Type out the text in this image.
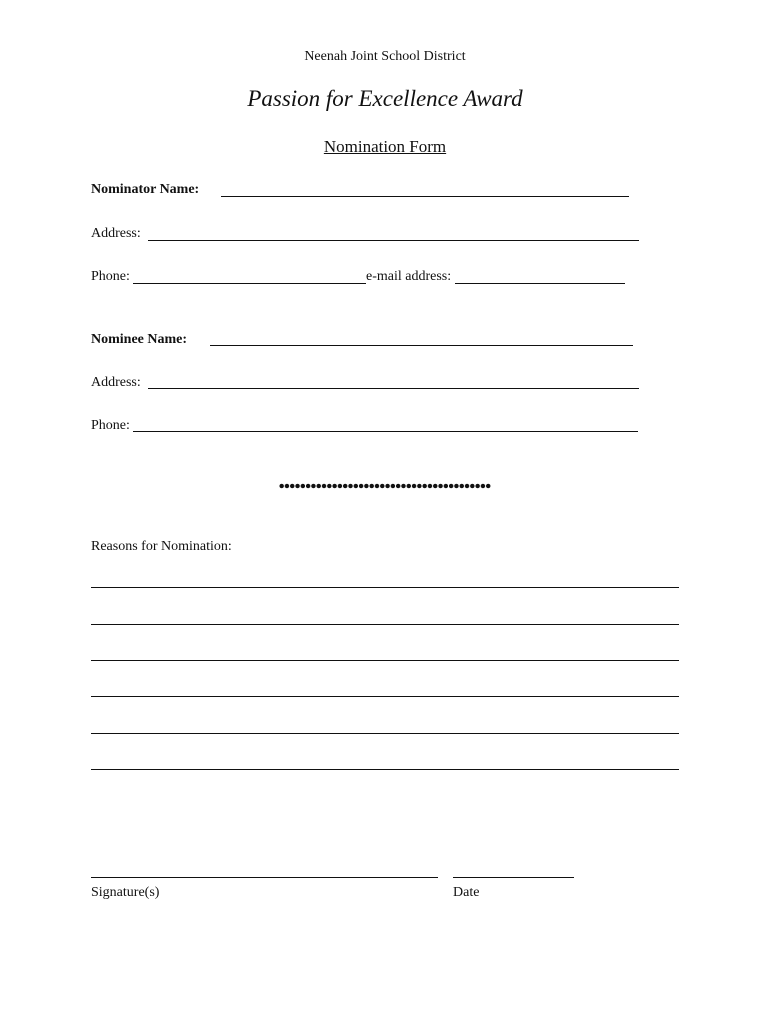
Neenah Joint School District
Passion for Excellence Award
Nomination Form
Nominator Name:
Address:
Phone:	e-mail address:
Nominee Name:
Address:
Phone:
Reasons for Nomination:
Signature(s)	Date
